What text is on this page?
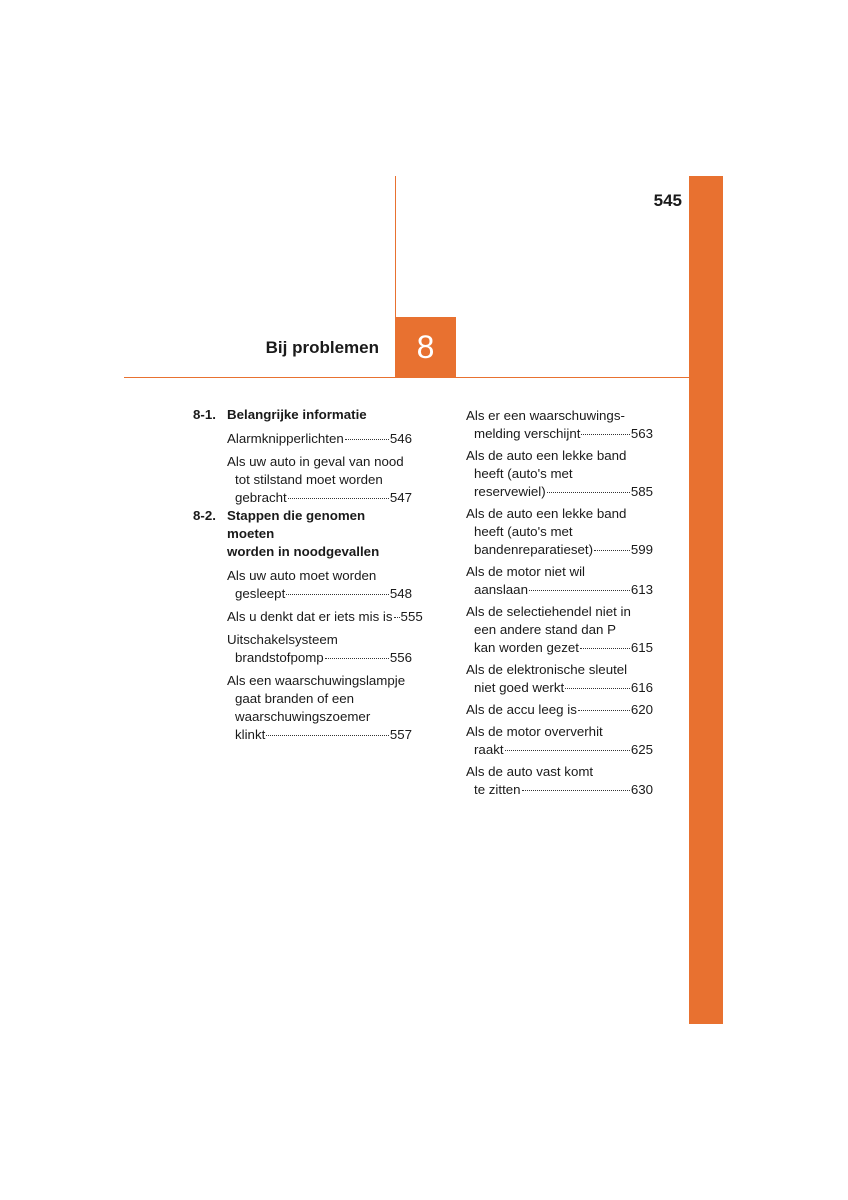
545
Bij problemen 8
8-1. Belangrijke informatie
Alarmknipperlichten	546
Als uw auto in geval van nood
tot stilstand moet worden
gebracht	547
8-2. Stappen die genomen moeten
worden in noodgevallen
Als uw auto moet worden
gesleept	548
Als u denkt dat er iets mis is 555
Uitschakelsysteem
brandstofpomp	556
Als een waarschuwingslampje
gaat branden of een
waarschuwingszoemer
klinkt	557
Als er een waarschuwings-
melding verschijnt	563
Als de auto een lekke band
heeft (auto's met
reservewiel)	585
Als de auto een lekke band
heeft (auto's met
bandenreparatieset)	599
Als de motor niet wil
aanslaan	613
Als de selectiehendel niet in
een andere stand dan P
kan worden gezet	615
Als de elektronische sleutel
niet goed werkt	616
Als de accu leeg is	620
Als de motor oververhit
raakt	625
Als de auto vast komt
te zitten	630
